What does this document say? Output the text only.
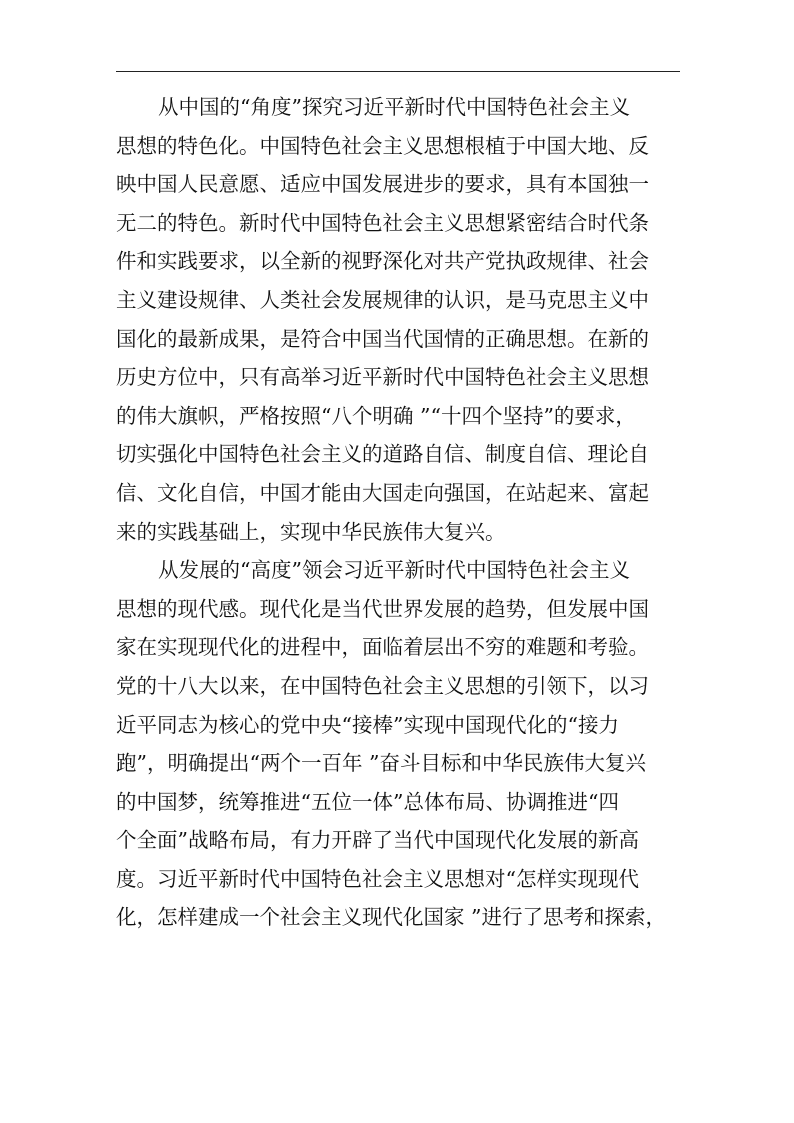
从中国的“角度”探究习近平新时代中国特色社会主义
思想的特色化。中国特色社会主义思想根植于中国大地、反
映中国人民意愿、适应中国发展进步的要求，具有本国独一
无二的特色。新时代中国特色社会主义思想紧密结合时代条
件和实践要求，以全新的视野深化对共产党执政规律、社会
主义建设规律、人类社会发展规律的认识，是马克思主义中
国化的最新成果，是符合中国当代国情的正确思想。在新的
历史方位中，只有高举习近平新时代中国特色社会主义思想
的伟大旗帜，严格按照“八个明确 ”“十四个坚持”的要求，
切实强化中国特色社会主义的道路自信、制度自信、理论自
信、文化自信，中国才能由大国走向强国，在站起来、富起
来的实践基础上，实现中华民族伟大复兴。
从发展的“高度”领会习近平新时代中国特色社会主义
思想的现代感。现代化是当代世界发展的趋势，但发展中国
家在实现现代化的进程中，面临着层出不穷的难题和考验。
党的十八大以来，在中国特色社会主义思想的引领下，以习
近平同志为核心的党中央“接棒”实现中国现代化的“接力
跑”，明确提出“两个一百年 ”奋斗目标和中华民族伟大复兴
的中国梦，统筹推进“五位一体”总体布局、协调推进“四
个全面”战略布局，有力开辟了当代中国现代化发展的新高
度。习近平新时代中国特色社会主义思想对“怎样实现现代
化，怎样建成一个社会主义现代化国家 ”进行了思考和探索，
